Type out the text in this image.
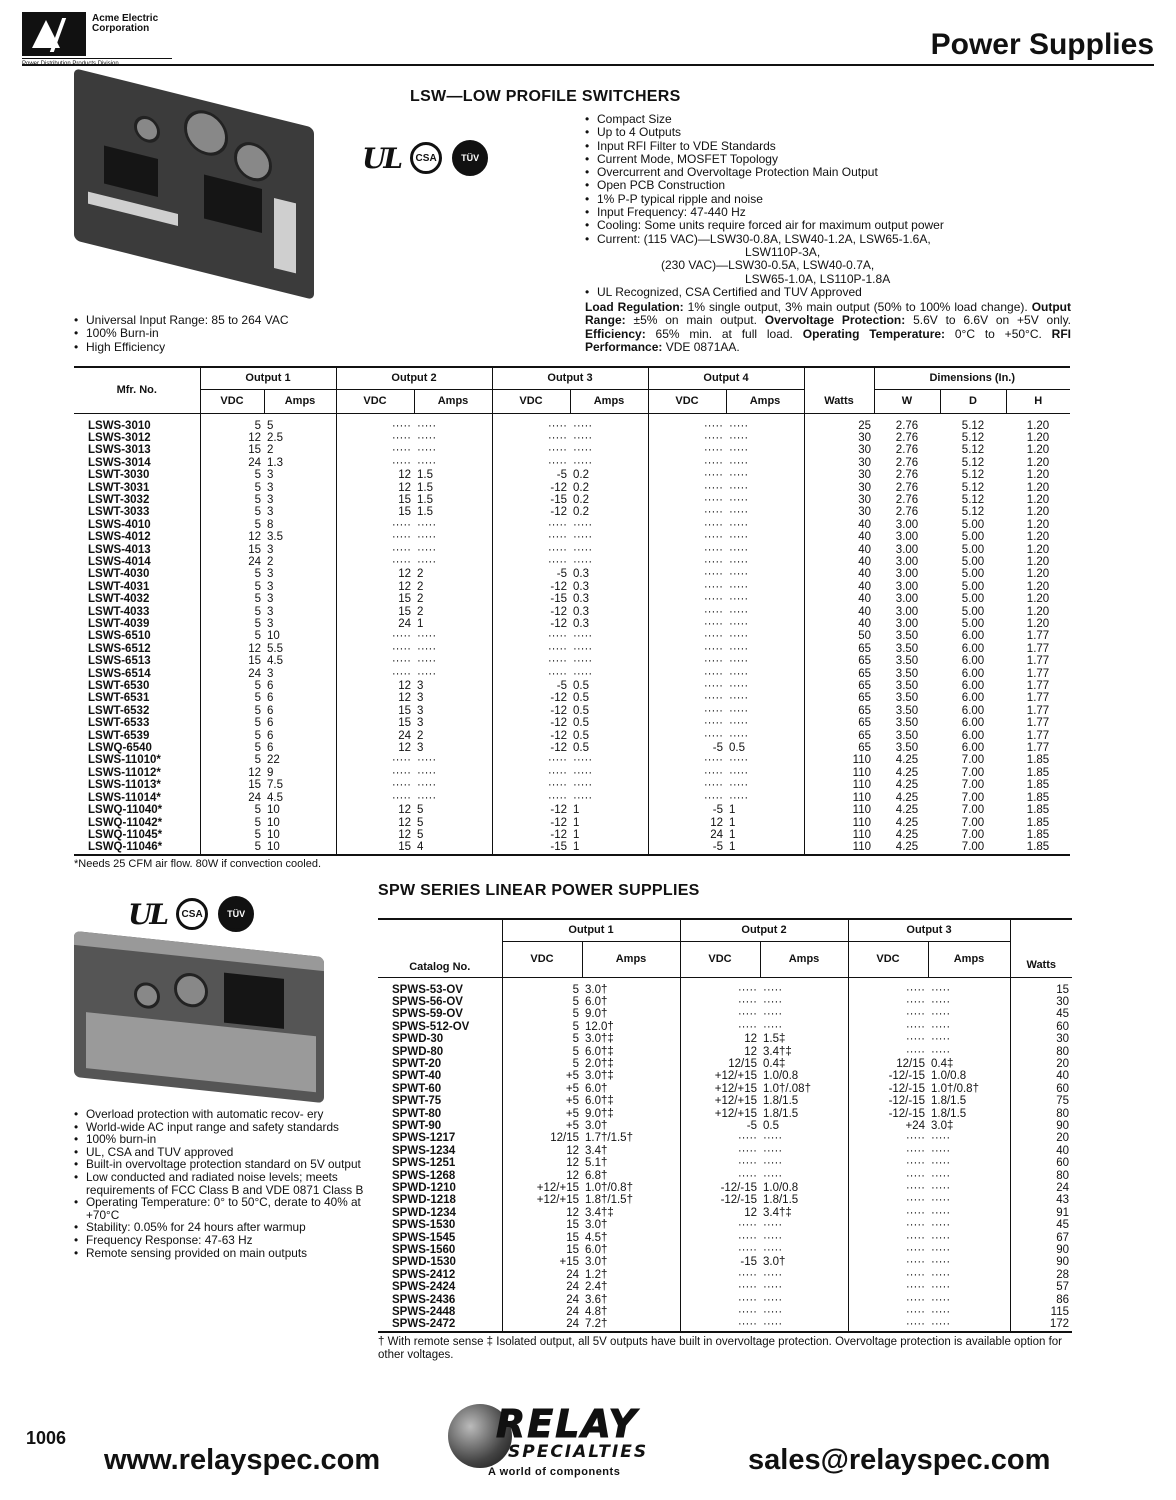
Acme Electric
Corporation
Power Distribution Products Division
Power Supplies
LSW—LOW PROFILE SWITCHERS
UL	CSA	TÜV
• Universal Input Range: 85 to 264 VAC
• 100% Burn-in
• High Efficiency
• Compact Size
• Up to 4 Outputs
• Input RFI Filter to VDE Standards
• Current Mode, MOSFET Topology
• Overcurrent and Overvoltage Protection Main Output
• Open PCB Construction
• 1% P-P typical ripple and noise
• Input Frequency: 47-440 Hz
• Cooling: Some units require forced air for maximum output power
• Current: (115 VAC)—LSW30-0.8A, LSW40-1.2A, LSW65-1.6A,
LSW110P-3A,
(230 VAC)—LSW30-0.5A, LSW40-0.7A,
LSW65-1.0A, LS110P-1.8A
• UL Recognized, CSA Certified and TUV Approved
Load Regulation: 1% single output, 3% main output (50% to 100% load change). Output Range: ±5% on main output. Overvoltage Protection: 5.6V to 6.6V on +5V only. Efficiency: 65% min. at full load. Operating Temperature: 0°C to +50°C. RFI Performance: VDE 0871AA.
Mfr. No.	Output 1		Output 2		Output 3		Output 4		Watts	Dimensions (In.)		
	VDC	Amps	VDC	Amps	VDC	Amps	VDC	Amps		W	D	H
LSWS-3010	5	5	·····	·····	·····	·····	·····	·····	25	2.76	5.12	1.20
LSWS-3012	12	2.5	·····	·····	·····	·····	·····	·····	30	2.76	5.12	1.20
LSWS-3013	15	2	·····	·····	·····	·····	·····	·····	30	2.76	5.12	1.20
LSWS-3014	24	1.3	·····	·····	·····	·····	·····	·····	30	2.76	5.12	1.20
LSWT-3030	5	3	12	1.5	-5	0.2	·····	·····	30	2.76	5.12	1.20
LSWT-3031	5	3	12	1.5	-12	0.2	·····	·····	30	2.76	5.12	1.20
LSWT-3032	5	3	15	1.5	-15	0.2	·····	·····	30	2.76	5.12	1.20
LSWT-3033	5	3	15	1.5	-12	0.2	·····	·····	30	2.76	5.12	1.20
LSWS-4010	5	8	·····	·····	·····	·····	·····	·····	40	3.00	5.00	1.20
LSWS-4012	12	3.5	·····	·····	·····	·····	·····	·····	40	3.00	5.00	1.20
LSWS-4013	15	3	·····	·····	·····	·····	·····	·····	40	3.00	5.00	1.20
LSWS-4014	24	2	·····	·····	·····	·····	·····	·····	40	3.00	5.00	1.20
LSWT-4030	5	3	12	2	-5	0.3	·····	·····	40	3.00	5.00	1.20
LSWT-4031	5	3	12	2	-12	0.3	·····	·····	40	3.00	5.00	1.20
LSWT-4032	5	3	15	2	-15	0.3	·····	·····	40	3.00	5.00	1.20
LSWT-4033	5	3	15	2	-12	0.3	·····	·····	40	3.00	5.00	1.20
LSWT-4039	5	3	24	1	-12	0.3	·····	·····	40	3.00	5.00	1.20
LSWS-6510	5	10	·····	·····	·····	·····	·····	·····	50	3.50	6.00	1.77
LSWS-6512	12	5.5	·····	·····	·····	·····	·····	·····	65	3.50	6.00	1.77
LSWS-6513	15	4.5	·····	·····	·····	·····	·····	·····	65	3.50	6.00	1.77
LSWS-6514	24	3	·····	·····	·····	·····	·····	·····	65	3.50	6.00	1.77
LSWT-6530	5	6	12	3	-5	0.5	·····	·····	65	3.50	6.00	1.77
LSWT-6531	5	6	12	3	-12	0.5	·····	·····	65	3.50	6.00	1.77
LSWT-6532	5	6	15	3	-12	0.5	·····	·····	65	3.50	6.00	1.77
LSWT-6533	5	6	15	3	-12	0.5	·····	·····	65	3.50	6.00	1.77
LSWT-6539	5	6	24	2	-12	0.5	·····	·····	65	3.50	6.00	1.77
LSWQ-6540	5	6	12	3	-12	0.5	-5	0.5	65	3.50	6.00	1.77
LSWS-11010*	5	22	·····	·····	·····	·····	·····	·····	110	4.25	7.00	1.85
LSWS-11012*	12	9	·····	·····	·····	·····	·····	·····	110	4.25	7.00	1.85
LSWS-11013*	15	7.5	·····	·····	·····	·····	·····	·····	110	4.25	7.00	1.85
LSWS-11014*	24	4.5	·····	·····	·····	·····	·····	·····	110	4.25	7.00	1.85
LSWQ-11040*	5	10	12	5	-12	1	-5	1	110	4.25	7.00	1.85
LSWQ-11042*	5	10	12	5	-12	1	12	1	110	4.25	7.00	1.85
LSWQ-11045*	5	10	12	5	-12	1	24	1	110	4.25	7.00	1.85
LSWQ-11046*	5	10	15	4	-15	1	-5	1	110	4.25	7.00	1.85
*Needs 25 CFM air flow. 80W if convection cooled.
SPW SERIES LINEAR POWER SUPPLIES
UL	CSA	TÜV
• Overload protection with automatic recov- ery
• World-wide AC input range and safety standards
• 100% burn-in
• UL, CSA and TUV approved
• Built-in overvoltage protection standard on 5V output
• Low conducted and radiated noise levels; meets requirements of FCC Class B and VDE 0871 Class B
• Operating Temperature: 0° to 50°C, derate to 40% at +70°C
• Stability: 0.05% for 24 hours after warmup
• Frequency Response: 47-63 Hz
• Remote sensing provided on main outputs
Catalog No.	Output 1		Output 2		Output 3		Watts
	VDC	Amps	VDC	Amps	VDC	Amps	
SPWS-53-OV	5	3.0†	·····	·····	·····	·····	15
SPWS-56-OV	5	6.0†	·····	·····	·····	·····	30
SPWS-59-OV	5	9.0†	·····	·····	·····	·····	45
SPWS-512-OV	5	12.0†	·····	·····	·····	·····	60
SPWD-30	5	3.0†‡	12	1.5‡	·····	·····	30
SPWD-80	5	6.0†‡	12	3.4†‡	·····	·····	80
SPWT-20	5	2.0†‡	12/15	0.4‡	12/15	0.4‡	20
SPWT-40	+5	3.0†‡	+12/+15	1.0/0.8	-12/-15	1.0/0.8	40
SPWT-60	+5	6.0†	+12/+15	1.0†/.08†	-12/-15	1.0†/0.8†	60
SPWT-75	+5	6.0†‡	+12/+15	1.8/1.5	-12/-15	1.8/1.5	75
SPWT-80	+5	9.0†‡	+12/+15	1.8/1.5	-12/-15	1.8/1.5	80
SPWT-90	+5	3.0†	-5	0.5	+24	3.0‡	90
SPWS-1217	12/15	1.7†/1.5†	·····	·····	·····	·····	20
SPWS-1234	12	3.4†	·····	·····	·····	·····	40
SPWS-1251	12	5.1†	·····	·····	·····	·····	60
SPWS-1268	12	6.8†	·····	·····	·····	·····	80
SPWD-1210	+12/+15	1.0†/0.8†	-12/-15	1.0/0.8	·····	·····	24
SPWD-1218	+12/+15	1.8†/1.5†	-12/-15	1.8/1.5	·····	·····	43
SPWD-1234	12	3.4†‡	12	3.4†‡	·····	·····	91
SPWS-1530	15	3.0†	·····	·····	·····	·····	45
SPWS-1545	15	4.5†	·····	·····	·····	·····	67
SPWS-1560	15	6.0†	·····	·····	·····	·····	90
SPWD-1530	+15	3.0†	-15	3.0†	·····	·····	90
SPWS-2412	24	1.2†	·····	·····	·····	·····	28
SPWS-2424	24	2.4†	·····	·····	·····	·····	57
SPWS-2436	24	3.6†	·····	·····	·····	·····	86
SPWS-2448	24	4.8†	·····	·····	·····	·····	115
SPWS-2472	24	7.2†	·····	·····	·····	·····	172
† With remote sense ‡ Isolated output, all 5V outputs have built in overvoltage protection. Overvoltage protection is available option for other voltages.
1006
www.relayspec.com
RELAY
SPECIALTIES
A world of components	sales@relayspec.com
